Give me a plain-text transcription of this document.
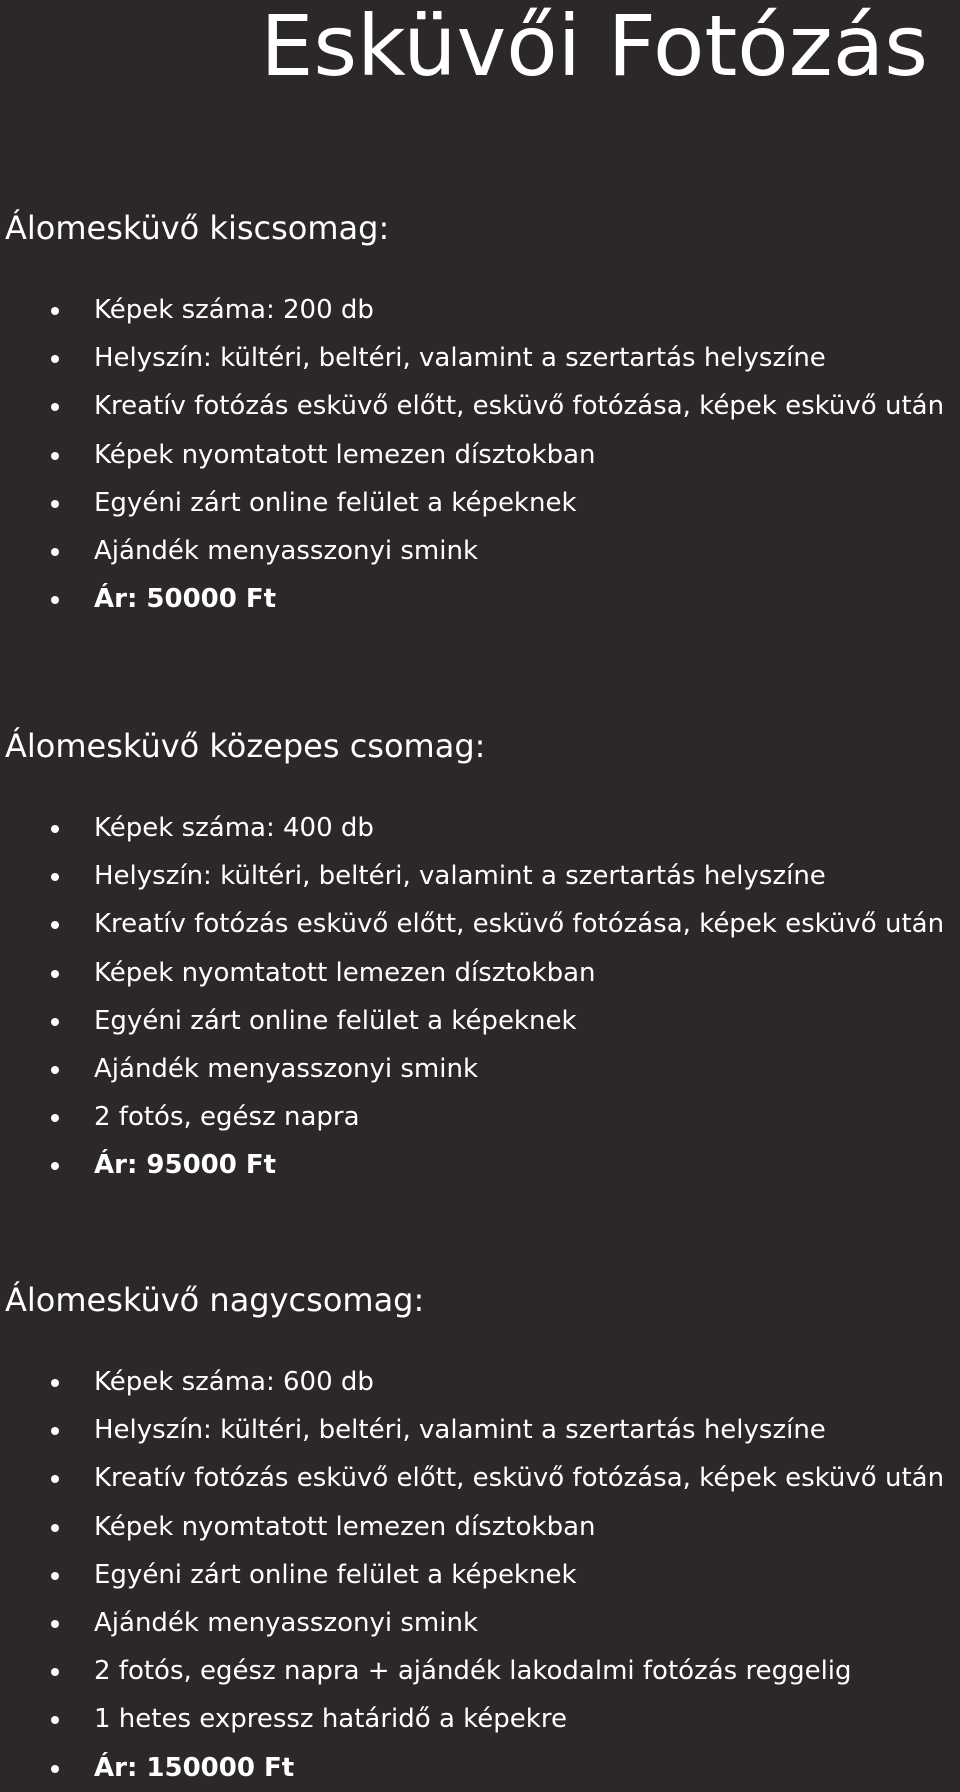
Esküvői Fotózás
Álomesküvő kiscsomag:
Képek száma: 200 db
Helyszín: kültéri, beltéri, valamint a szertartás helyszíne
Kreatív fotózás esküvő előtt, esküvő fotózása, képek esküvő után
Képek nyomtatott lemezen dísztokban
Egyéni zárt online felület a képeknek
Ajándék menyasszonyi smink
Ár: 50000 Ft
Álomesküvő közepes csomag:
Képek száma: 400 db
Helyszín: kültéri, beltéri, valamint a szertartás helyszíne
Kreatív fotózás esküvő előtt, esküvő fotózása, képek esküvő után
Képek nyomtatott lemezen dísztokban
Egyéni zárt online felület a képeknek
Ajándék menyasszonyi smink
2 fotós, egész napra
Ár: 95000 Ft
Álomesküvő nagycsomag:
Képek száma: 600 db
Helyszín: kültéri, beltéri, valamint a szertartás helyszíne
Kreatív fotózás esküvő előtt, esküvő fotózása, képek esküvő után
Képek nyomtatott lemezen dísztokban
Egyéni zárt online felület a képeknek
Ajándék menyasszonyi smink
2 fotós, egész napra + ajándék lakodalmi fotózás reggelig
1 hetes expressz határidő a képekre
Ár: 150000 Ft
